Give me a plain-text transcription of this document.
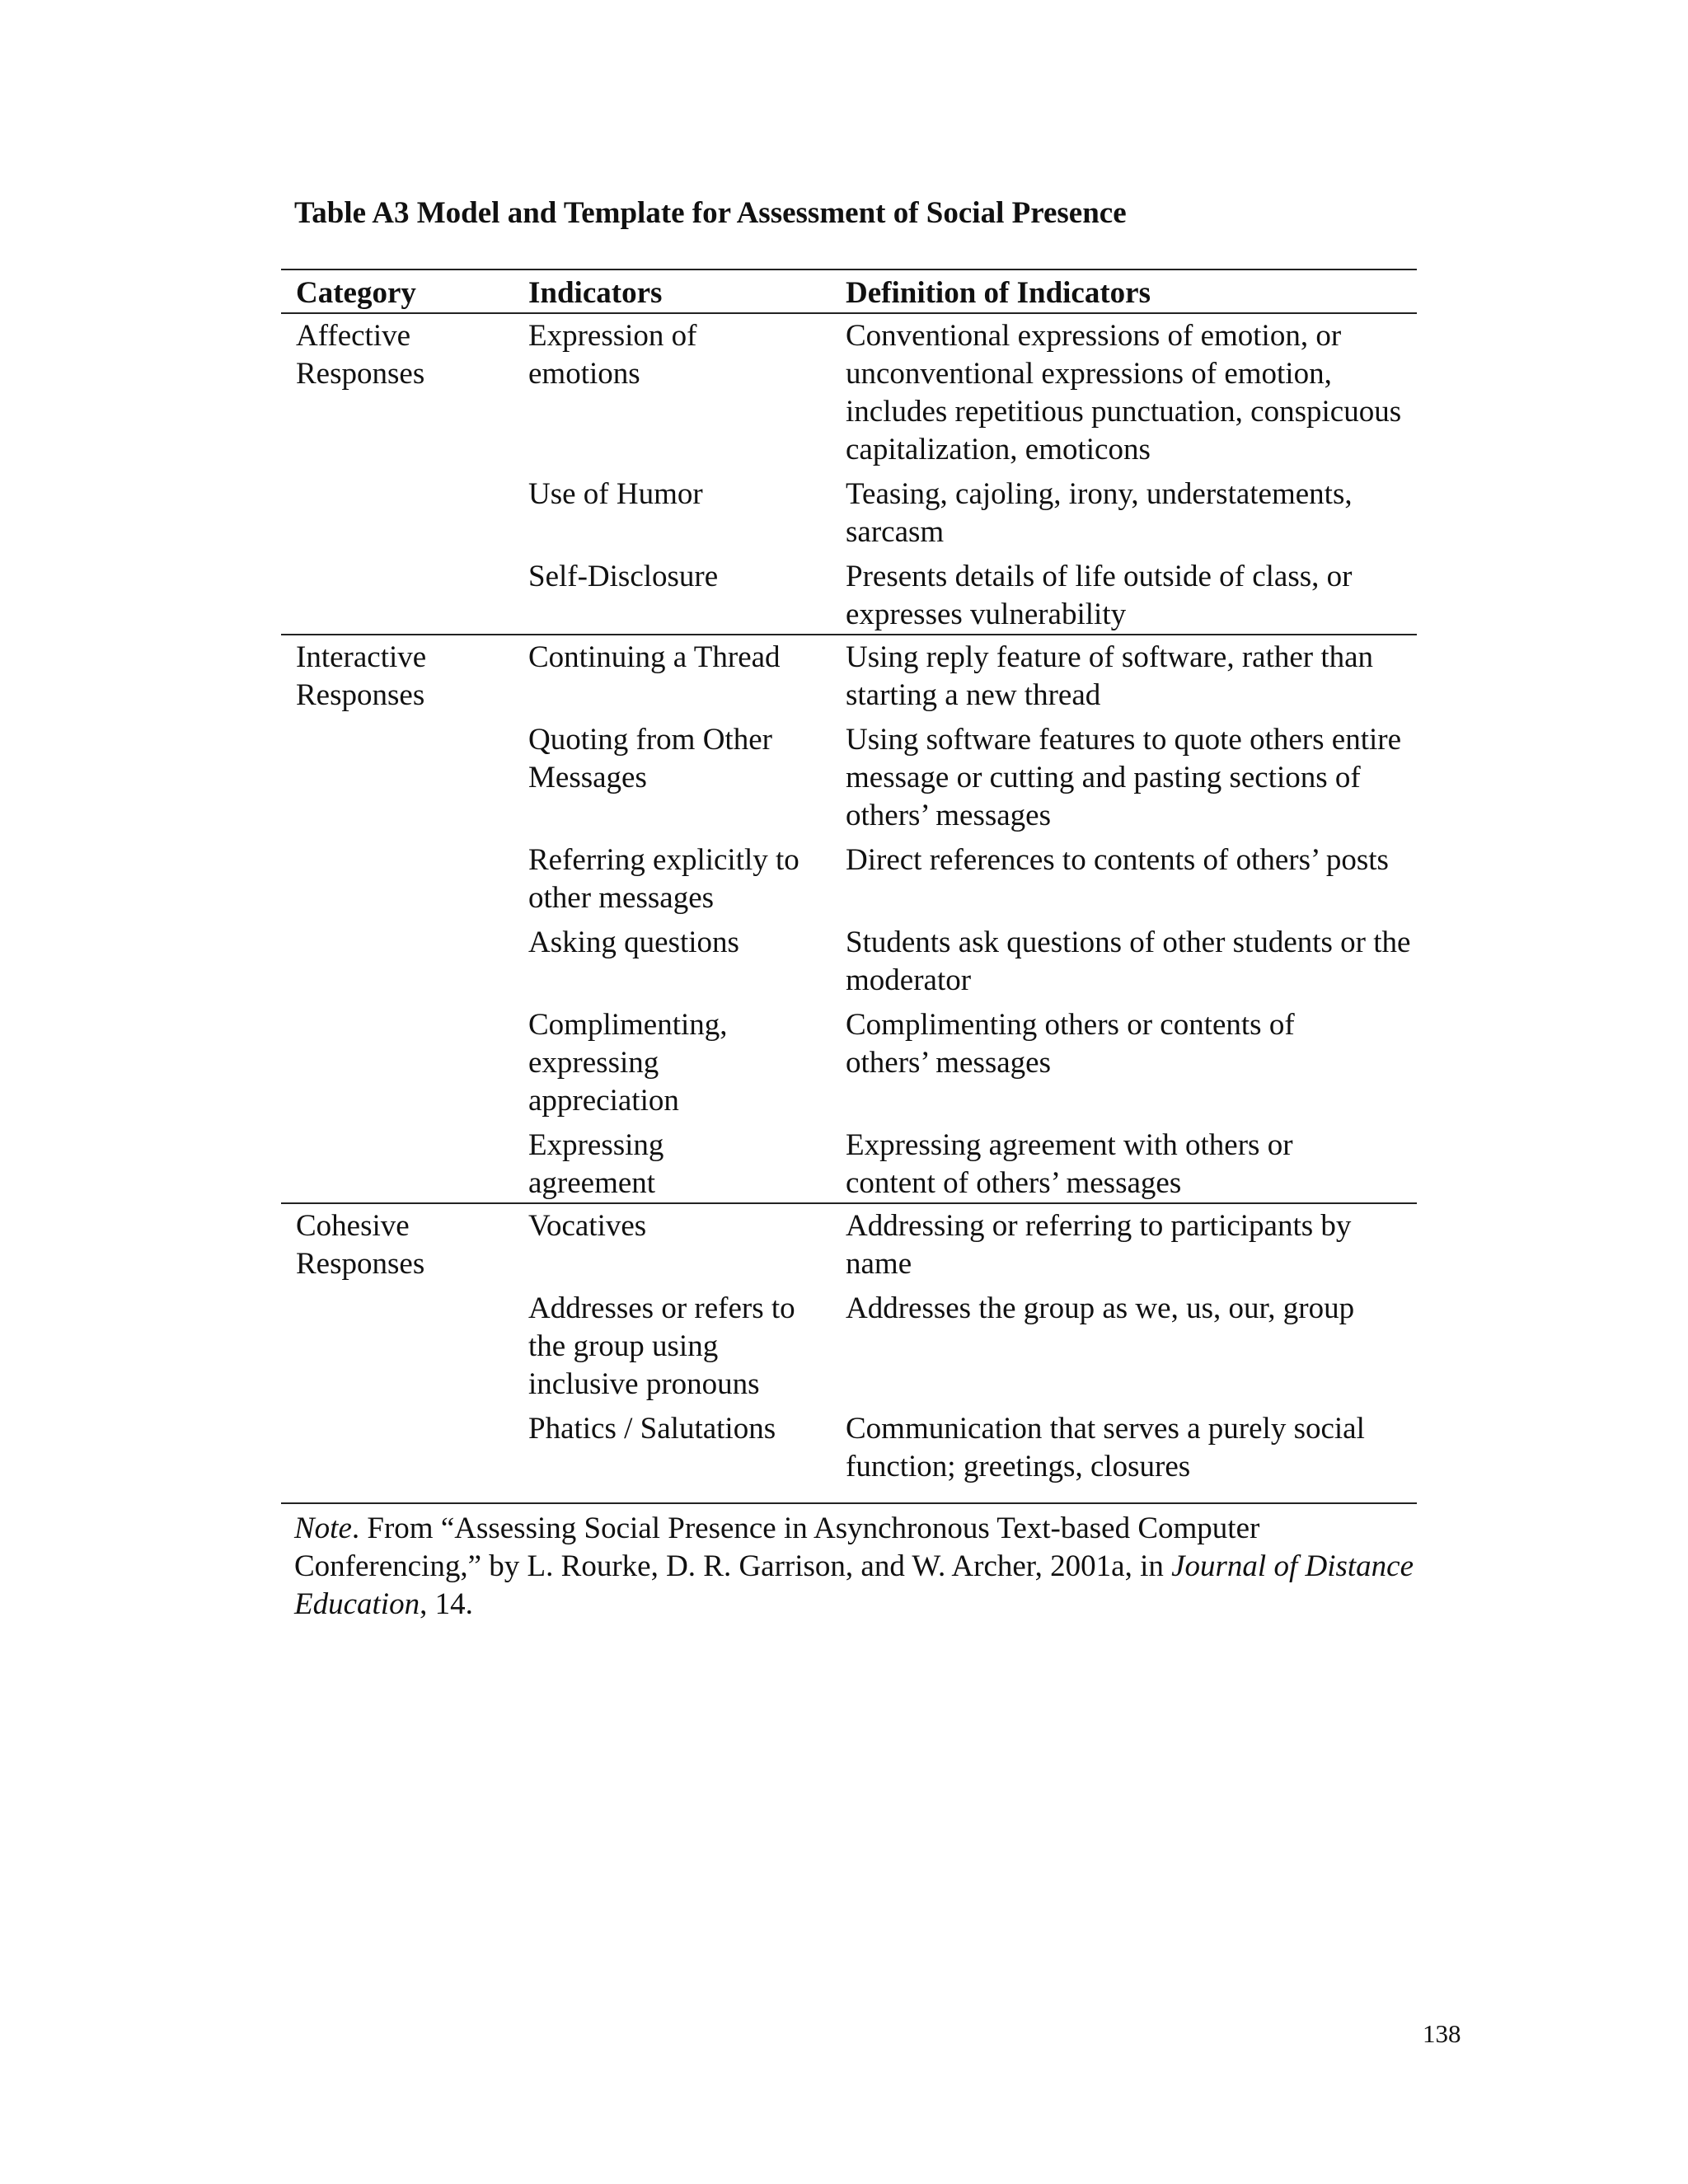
Table A3 Model and Template for Assessment of Social Presence
Category	Indicators	Definition of Indicators
Affective Responses	Expression of emotions	Conventional expressions of emotion, or unconventional expressions of emotion, includes repetitious punctuation, conspicuous capitalization, emoticons
	Use of Humor	Teasing, cajoling, irony, understatements, sarcasm
	Self-Disclosure	Presents details of life outside of class, or expresses vulnerability
Interactive Responses	Continuing a Thread	Using reply feature of software, rather than starting a new thread
	Quoting from Other Messages	Using software features to quote others entire message or cutting and pasting sections of others’ messages
	Referring explicitly to other messages	Direct references to contents of others’ posts
	Asking questions	Students ask questions of other students or the moderator
	Complimenting, expressing appreciation	Complimenting others or contents of others’ messages
	Expressing agreement	Expressing agreement with others or content of others’ messages
Cohesive Responses	Vocatives	Addressing or referring to participants by name
	Addresses or refers to the group using inclusive pronouns	Addresses the group as we, us, our, group
	Phatics / Salutations	Communication that serves a purely social function; greetings, closures
Note. From “Assessing Social Presence in Asynchronous Text-based Computer Conferencing,” by L. Rourke, D. R. Garrison, and W. Archer, 2001a, in Journal of Distance Education, 14.
138
